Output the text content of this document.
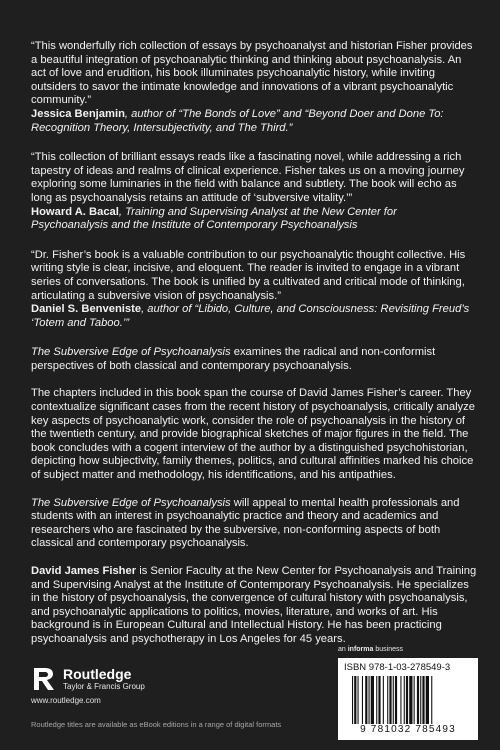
“This wonderfully rich collection of essays by psychoanalyst and historian Fisher provides a beautiful integration of psychoanalytic thinking and thinking about psychoanalysis. An act of love and erudition, his book illuminates psychoanalytic history, while inviting outsiders to savor the intimate knowledge and innovations of a vibrant psychoanalytic community.”

Jessica Benjamin, author of “The Bonds of Love” and “Beyond Doer and Done To: Recognition Theory, Intersubjectivity, and The Third.”

“This collection of brilliant essays reads like a fascinating novel, while addressing a rich tapestry of ideas and realms of clinical experience. Fisher takes us on a moving journey exploring some luminaries in the field with balance and subtlety. The book will echo as long as psychoanalysis retains an attitude of ‘subversive vitality.’”

Howard A. Bacal, Training and Supervising Analyst at the New Center for Psychoanalysis and the Institute of Contemporary Psychoanalysis

“Dr. Fisher’s book is a valuable contribution to our psychoanalytic thought collective. His writing style is clear, incisive, and eloquent. The reader is invited to engage in a vibrant series of conversations. The book is unified by a cultivated and critical mode of thinking, articulating a subversive vision of psychoanalysis.”

Daniel S. Benveniste, author of “Libido, Culture, and Consciousness: Revisiting Freud’s ‘Totem and Taboo.’”

The Subversive Edge of Psychoanalysis examines the radical and non-conformist perspectives of both classical and contemporary psychoanalysis.

The chapters included in this book span the course of David James Fisher’s career. They contextualize significant cases from the recent history of psychoanalysis, critically analyze key aspects of psychoanalytic work, consider the role of psychoanalysis in the history of the twentieth century, and provide biographical sketches of major figures in the field. The book concludes with a cogent interview of the author by a distinguished psychohistorian, depicting how subjectivity, family themes, politics, and cultural affinities marked his choice of subject matter and methodology, his identifications, and his antipathies.

The Subversive Edge of Psychoanalysis will appeal to mental health professionals and students with an interest in psychoanalytic practice and theory and academics and researchers who are fascinated by the subversive, non-conforming aspects of both classical and contemporary psychoanalysis.

David James Fisher is Senior Faculty at the New Center for Psychoanalysis and Training and Supervising Analyst at the Institute of Contemporary Psychoanalysis. He specializes in the history of psychoanalysis, the convergence of cultural history with psychoanalysis, and psychoanalytic applications to politics, movies, literature, and works of art. His background is in European Cultural and Intellectual History. He has been practicing psychoanalysis and psychotherapy in Los Angeles for 45 years.

Routledge
Taylor & Francis Group
www.routledge.com
Routledge titles are available as eBook editions in a range of digital formats
an informa business
ISBN 978-1-03-278549-3
9 781032 785493
